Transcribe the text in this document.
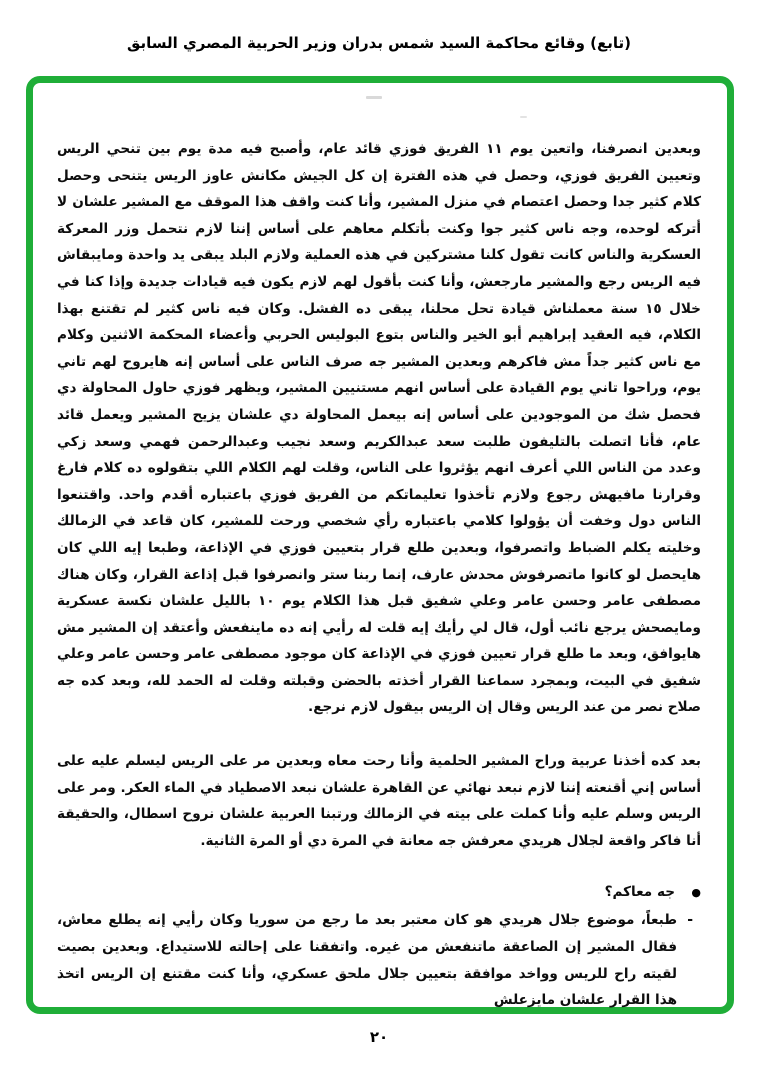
(تابع) وقائع محاكمة السيد شمس بدران وزير الحربية المصري السابق

وبعدين انصرفنا، واتعين يوم ١١ الفريق فوزي قائد عام، وأصبح فيه مدة يوم بين تنحي الريس وتعيين الفريق فوزي، وحصل في هذه الفترة إن كل الجيش مكانش عاوز الريس يتنحى وحصل كلام كثير جدا وحصل اعتصام في منزل المشير، وأنا كنت واقف هذا الموقف مع المشير علشان لا أتركه لوحده، وجه ناس كثير جوا وكنت بأتكلم معاهم على أساس إننا لازم نتحمل وزر المعركة العسكرية والناس كانت تقول كلنا مشتركين في هذه العملية ولازم البلد يبقى يد واحدة ومايبقاش فيه الريس رجع والمشير مارجعش، وأنا كنت بأقول لهم لازم يكون فيه قيادات جديدة وإذا كنا في خلال ١٥ سنة معملناش قيادة تحل محلنا، يبقى ده الفشل. وكان فيه ناس كثير لم تقتنع بهذا الكلام، فيه العقيد إبراهيم أبو الخير والناس بتوع البوليس الحربي وأعضاء المحكمة الاثنين وكلام مع ناس كثير جداً مش فاكرهم وبعدين المشير جه صرف الناس على أساس إنه هايروح لهم تاني يوم، وراحوا تاني يوم القيادة على أساس انهم مستنيين المشير، ويظهر فوزي حاول المحاولة دي فحصل شك من الموجودين على أساس إنه بيعمل المحاولة دي علشان يزيح المشير ويعمل قائد عام، فأنا اتصلت بالتليفون طلبت سعد عبدالكريم وسعد نجيب وعبدالرحمن فهمي وسعد زكي وعدد من الناس اللي أعرف انهم يؤثروا على الناس، وقلت لهم الكلام اللي بتقولوه ده كلام فارغ وقرارنا مافيهش رجوع ولازم تأخذوا تعليماتكم من الفريق فوزي باعتباره أقدم واحد. واقتنعوا الناس دول وخفت أن يؤولوا كلامي باعتباره رأي شخصي ورحت للمشير، كان قاعد في الزمالك وخليته يكلم الضباط واتصرفوا، وبعدين طلع قرار بتعيين فوزي في الإذاعة، وطبعا إيه اللي كان هايحصل لو كانوا ماتصرفوش محدش عارف، إنما ربنا ستر وانصرفوا قبل إذاعة القرار، وكان هناك مصطفى عامر وحسن عامر وعلي شفيق قبل هذا الكلام يوم ١٠ بالليل علشان نكسة عسكرية ومايصحش يرجع نائب أول، قال لي رأيك إيه قلت له رأيي إنه ده ماينفعش وأعتقد إن المشير مش هايوافق، وبعد ما طلع قرار تعيين فوزي في الإذاعة كان موجود مصطفى عامر وحسن عامر وعلي شفيق في البيت، وبمجرد سماعنا القرار أخذته بالحضن وقبلته وقلت له الحمد لله، وبعد كده جه صلاح نصر من عند الريس وقال إن الريس بيقول لازم نرجع.

بعد كده أخذنا عربية وراح المشير الحلمية وأنا رحت معاه وبعدين مر على الريس ليسلم عليه على أساس إني أقنعته إننا لازم نبعد نهائي عن القاهرة علشان نبعد الاصطياد في الماء العكر. ومر على الريس وسلم عليه وأنا كملت على بيته في الزمالك ورتبنا العربية علشان نروح اسطال، والحقيقة أنا فاكر واقعة لجلال هريدي معرفش جه معانة في المرة دي أو المرة الثانية.

●
جه معاكم؟
-

طبعاً، موضوع جلال هريدي هو كان معتبر بعد ما رجع من سوريا وكان رأيي إنه يطلع معاش، فقال المشير إن الصاعقة ماتنفعش من غيره. واتفقنا على إحالته للاستيداع. وبعدين بصيت لقيته راح للريس وواخد موافقة بتعيين جلال ملحق عسكري، وأنا كنت مقتنع إن الريس اتخذ هذا القرار علشان مايزعلش

٢٠
